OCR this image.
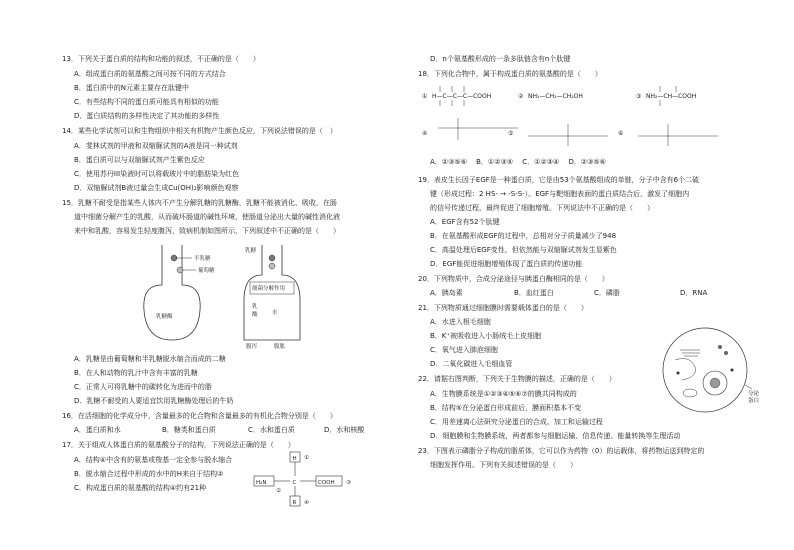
13．下列关于蛋白质的结构和功能的叙述，不正确的是（　　）
A．组成蛋白质的氨基酸之间可按不同的方式结合
B．蛋白质中的N元素主要存在肽键中
C．有些结构不同的蛋白质可能具有相似的功能
D．蛋白质结构的多样性决定了其功能的多样性
14．某些化学试剂可以和生物组织中相关有机物产生颜色反应，下列说法错误的是（　）
A．斐林试剂的甲液和双缩脲试剂的A液是同一种试剂
B．蛋白质可以与双缩脲试剂产生紫色反应
C．使用苏丹III染液时可以将载玻片中的脂肪染为红色
D．双缩脲试剂B液过量会生成Cu(OH)₂影响颜色观察
15．乳糖不耐受是指某些人体内不产生分解乳糖的乳糖酶，乳糖不能被消化、吸收，在肠
道中细菌分解产生的乳酸，从而破坏肠道的碱性环境，使肠道分泌出大量的碱性消化液
来中和乳酸，容易发生轻度腹泻，致病机制如图所示，下列叙述中不正确的是（　　）
半乳糖
葡萄糖
乳糖酶
乳糖
细菌分解作用
乳
酸	水
腹泻	腹胀
A．乳糖是由葡萄糖和半乳糖脱水缩合而成的二糖
B．在人和动物的乳汁中含有丰富的乳糖
C．正常人可将乳糖中的碳转化为进而中的脂
D．乳糖不耐受的人要适宜饮用乳糖酶处理后的牛奶
16．在活细胞的化学成分中，含量最多的化合物和含量最多的有机化合物分别是（　　）
A．蛋白质和水	B．糖类和蛋白质	C．水和蛋白质	D．水和核酸
17．关于组成人体蛋白质的氨基酸分子的结构，下列说法正确的是（　　）
A．结构④中含有的氨基或羧基一定全参与脱水缩合
B．脱水缩合过程中形成的水中的H来自于结构②
C．构成蛋白质的氨基酸的结构④约有21种
H ①
H₂N	C	COOH ③
②
R ④
D．n个氨基酸形成的一条多肽链含有n个肽键
18．下列化合物中，属于构成蛋白质的氨基酸的是（　　）
① H—C—C—C—COOH	② NH₂—CH₂—CH₂OH	③ NH₂—CH—COOH
④	⑤	⑥
A．②③⑤⑥　 B．①②③⑤　 C．①②③④　 D．②③⑤⑥
19．表皮生长因子EGF是一种蛋白质，它是由53个氨基酸组成的单链，分子中含有6个二硫
键（形成过程：2 HS- → -S-S-）。EGF与靶细胞表面的蛋白质结合后，激发了细胞内
的信号传递过程，最终促进了细胞增殖。下列说法中不正确的是（　　）
A．EGF含有52个肽键
B．在氨基酸形成EGF的过程中，总相对分子质量减少了948
C．高温处理后EGF变性，但依然能与双缩脲试剂发生显紫色
D．EGF能促进细胞增殖体现了蛋白质的传递功能
20．下列物质中，合成分泌途径与胰蛋白酶相同的是（　　）
A．胰岛素	B．血红蛋白	C．磷脂	D．RNA
21．下列物质通过细胞膜时需要载体蛋白的是（　　）
A．水进入根毛细胞
B．K⁺被吸收进入小肠绒毛上皮细胞
C．氧气进入肺泡细胞
D．二氧化碳进入毛细血管
22．请据右图判断，下列关于生物膜的描述，正确的是（　　）
A．生物膜系统是①②③④⑤⑥⑦的膜共同构成的
B．结构⑤在分泌蛋白形成前后，膜面积基本不变
C．用差速离心法研究分泌蛋白的合成、加工和运输过程
D．细胞膜和生物膜系统，两者都参与细胞运输、信息传递、能量转换等生理活动
23．下图表示磷脂分子构成的脂质体，它可以作为药物（0）的运载体，将药物运送到特定的
细胞发挥作用。下列有关叙述错误的是（　　）
分泌
蛋白
